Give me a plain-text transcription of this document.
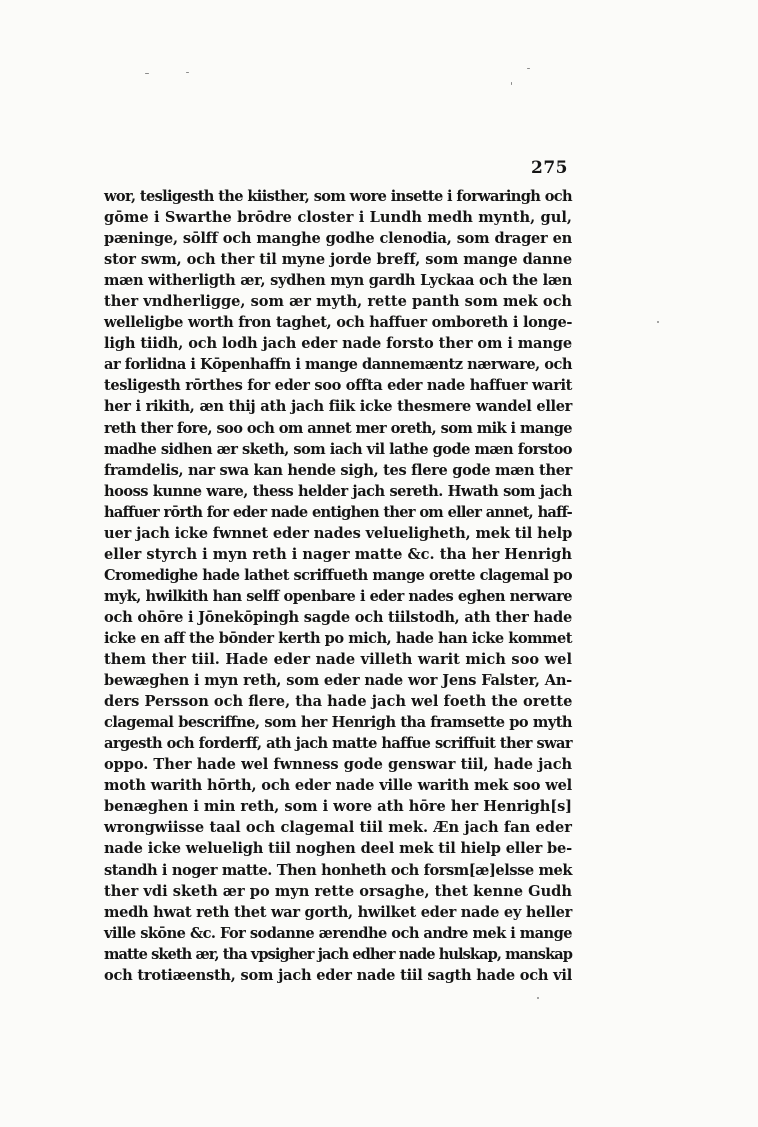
275
wor, tesligesth the kiisther, som wore insette i forwaringh och
gōme i Swarthe brōdre closter i Lundh medh mynth, gul,
pæninge, sōlff och manghe godhe clenodia, som drager en
stor swm, och ther til myne jorde breff, som mange danne
mæn witherligth ær, sydhen myn gardh Lyckaa och the læn
ther vndherligge, som ær myth, rette panth som mek och
welleligbe worth fron taghet, och haffuer omboreth i longe-
ligh tiidh, och lodh jach eder nade forsto ther om i mange
ar forlidna i Kōpenhaffn i mange dannemæntz nærware, och
tesligesth rōrthes for eder soo offta eder nade haffuer warit
her i rikith, æn thij ath jach fiik icke thesmere wandel eller
reth ther fore, soo och om annet mer oreth, som mik i mange
madhe sidhen ær sketh, som iach vil lathe gode mæn forstoo
framdelis, nar swa kan hende sigh, tes flere gode mæn ther
hooss kunne ware, thess helder jach sereth. Hwath som jach
haffuer rōrth for eder nade entighen ther om eller annet, haff-
uer jach icke fwnnet eder nades velueligheth, mek til help
eller styrch i myn reth i nager matte &c. tha her Henrigh
Cromedighe hade lathet scriffueth mange orette clagemal po
myk, hwilkith han selff openbare i eder nades eghen nerware
och ohōre i Jōnekōpingh sagde och tiilstodh, ath ther hade
icke en aff the bōnder kerth po mich, hade han icke kommet
them ther tiil. Hade eder nade villeth warit mich soo wel
bewæghen i myn reth, som eder nade wor Jens Falster, An-
ders Persson och flere, tha hade jach wel foeth the orette
clagemal bescriffne, som her Henrigh tha framsette po myth
argesth och forderff, ath jach matte haffue scriffuit ther swar
oppo. Ther hade wel fwnness gode genswar tiil, hade jach
moth warith hōrth, och eder nade ville warith mek soo wel
benæghen i min reth, som i wore ath hōre her Henrigh[s]
wrongwiisse taal och clagemal tiil mek. Æn jach fan eder
nade icke welueligh tiil noghen deel mek til hielp eller be-
standh i noger matte. Then honheth och forsm[æ]elsse mek
ther vdi sketh ær po myn rette orsaghe, thet kenne Gudh
medh hwat reth thet war gorth, hwilket eder nade ey heller
ville skōne &c. For sodanne ærendhe och andre mek i mange
matte sketh ær, tha vpsigher jach edher nade hulskap, manskap
och trotiæensth, som jach eder nade tiil sagth hade och vil
